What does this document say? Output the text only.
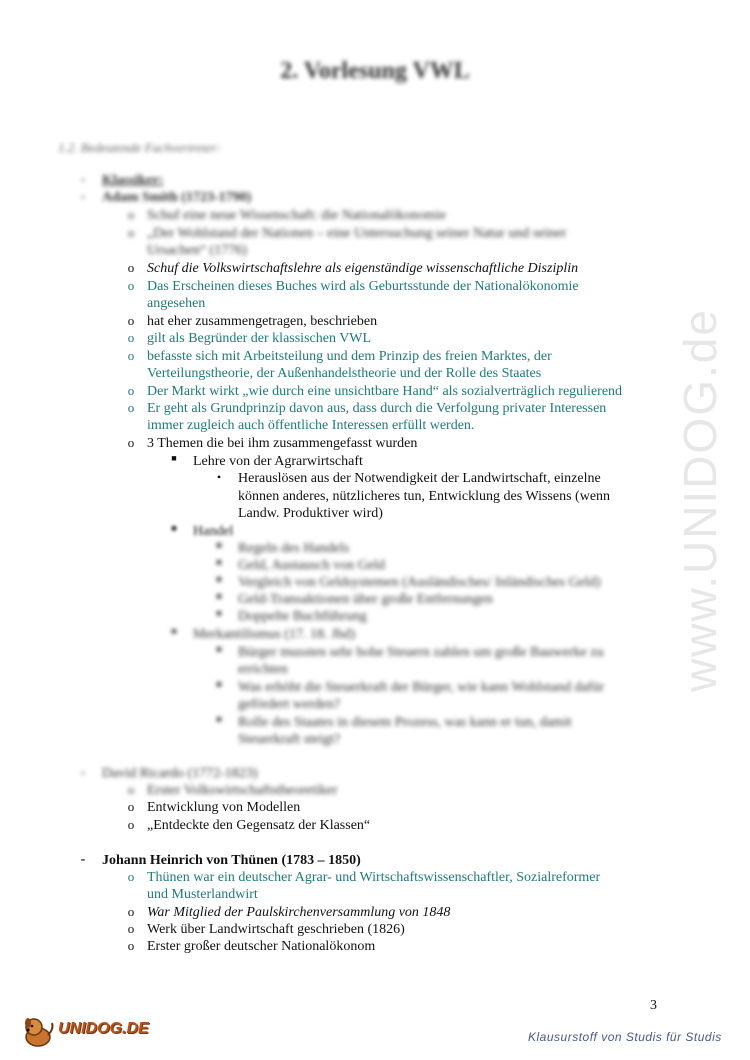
www.UNIDOG.de
2. Vorlesung VWL
1.2. Bedeutende Fachvertreter:
- Klassiker:
- Adam Smith (1723-1790)
o Schuf eine neue Wissenschaft: die Nationalökonomie
o „Der Wohlstand der Nationen – eine Untersuchung seiner Natur und seiner
Ursachen“ (1776)
o Schuf die Volkswirtschaftslehre als eigenständige wissenschaftliche Disziplin
o Das Erscheinen dieses Buches wird als Geburtsstunde der Nationalökonomie
angesehen
o hat eher zusammengetragen, beschrieben
o gilt als Begründer der klassischen VWL
o befasste sich mit Arbeitsteilung und dem Prinzip des freien Marktes, der
Verteilungstheorie, der Außenhandelstheorie und der Rolle des Staates
o Der Markt wirkt „wie durch eine unsichtbare Hand“ als sozialverträglich regulierend
o Er geht als Grundprinzip davon aus, dass durch die Verfolgung privater Interessen
immer zugleich auch öffentliche Interessen erfüllt werden.
o 3 Themen die bei ihm zusammengefasst wurden
■ Lehre von der Agrarwirtschaft
• Herauslösen aus der Notwendigkeit der Landwirtschaft, einzelne
können anderes, nützlicheres tun, Entwicklung des Wissens (wenn
Landw. Produktiver wird)
■ Handel
■ Regeln des Handels
■ Geld, Austausch von Geld
■ Vergleich von Geldsystemen (Ausländisches/ Inländisches Geld)
■ Geld-Transaktionen über große Entfernungen
■ Doppelte Buchführung
■ Merkantilismus (17. 18. Jhd)
■ Bürger mussten sehr hohe Steuern zahlen um große Bauwerke zu
errichten
■ Was erhöht die Steuerkraft der Bürger, wie kann Wohlstand dafür
gefördert werden?
■ Rolle des Staates in diesem Prozess, was kann er tun, damit
Steuerkraft steigt?
- David Ricardo (1772-1823)
o Erster Volkswirtschaftstheoretiker
o Entwicklung von Modellen
o „Entdeckte den Gegensatz der Klassen“
- Johann Heinrich von Thünen (1783 – 1850)
o Thünen war ein deutscher Agrar- und Wirtschaftswissenschaftler, Sozialreformer
und Musterlandwirt
o War Mitglied der Paulskirchenversammlung von 1848
o Werk über Landwirtschaft geschrieben (1826)
o Erster großer deutscher Nationalökonom
3
UNIDOG.DE	Klausurstoff von Studis für Studis
